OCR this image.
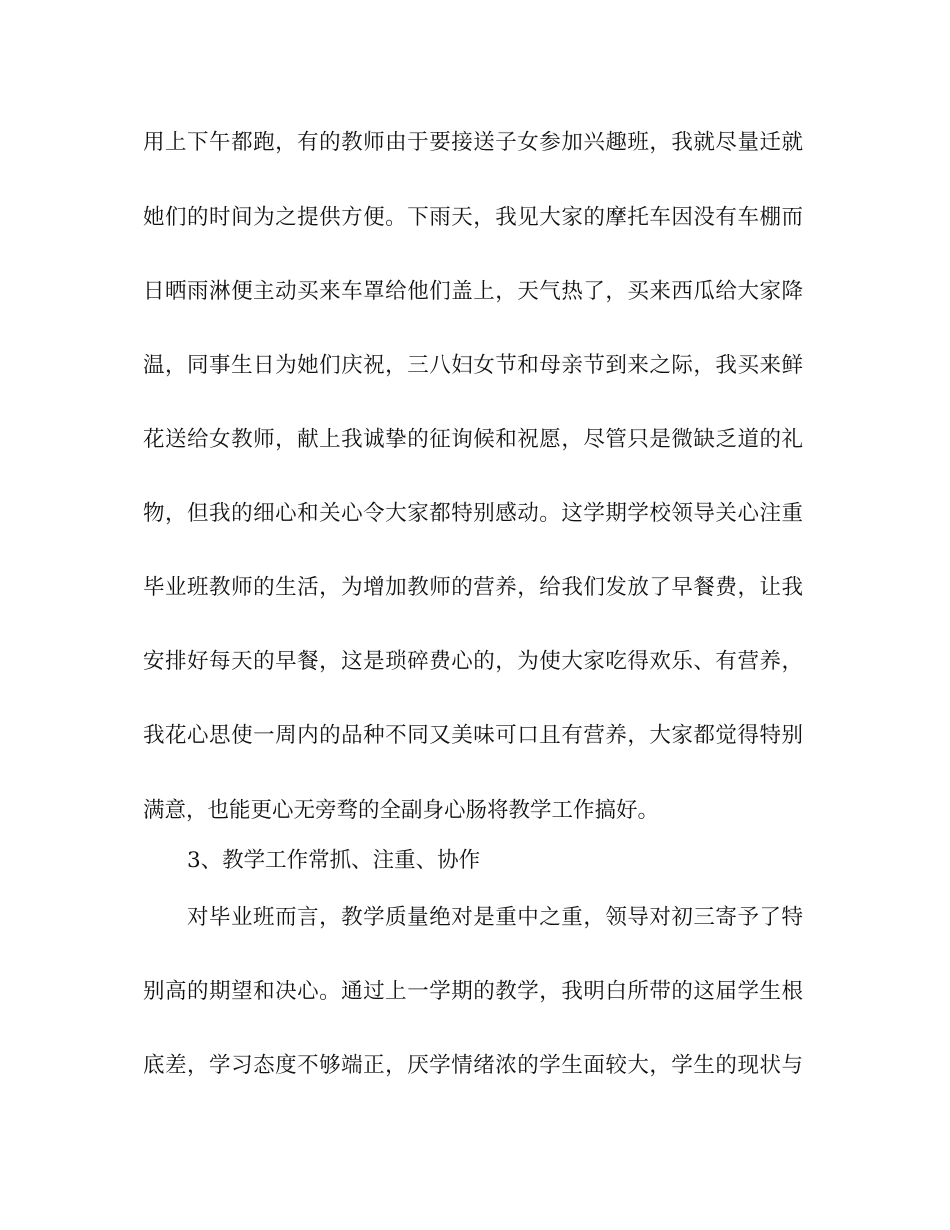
用上下午都跑，有的教师由于要接送子女参加兴趣班，我就尽量迁就
她们的时间为之提供方便。下雨天，我见大家的摩托车因没有车棚而
日晒雨淋便主动买来车罩给他们盖上，天气热了，买来西瓜给大家降
温，同事生日为她们庆祝，三八妇女节和母亲节到来之际，我买来鲜
花送给女教师，献上我诚挚的征询候和祝愿，尽管只是微缺乏道的礼
物，但我的细心和关心令大家都特别感动。这学期学校领导关心注重
毕业班教师的生活，为增加教师的营养，给我们发放了早餐费，让我
安排好每天的早餐，这是琐碎费心的，为使大家吃得欢乐、有营养，
我花心思使一周内的品种不同又美味可口且有营养，大家都觉得特别
满意，也能更心无旁骛的全副身心肠将教学工作搞好。
3、教学工作常抓、注重、协作
对毕业班而言，教学质量绝对是重中之重，领导对初三寄予了特
别高的期望和决心。通过上一学期的教学，我明白所带的这届学生根
底差，学习态度不够端正，厌学情绪浓的学生面较大，学生的现状与
